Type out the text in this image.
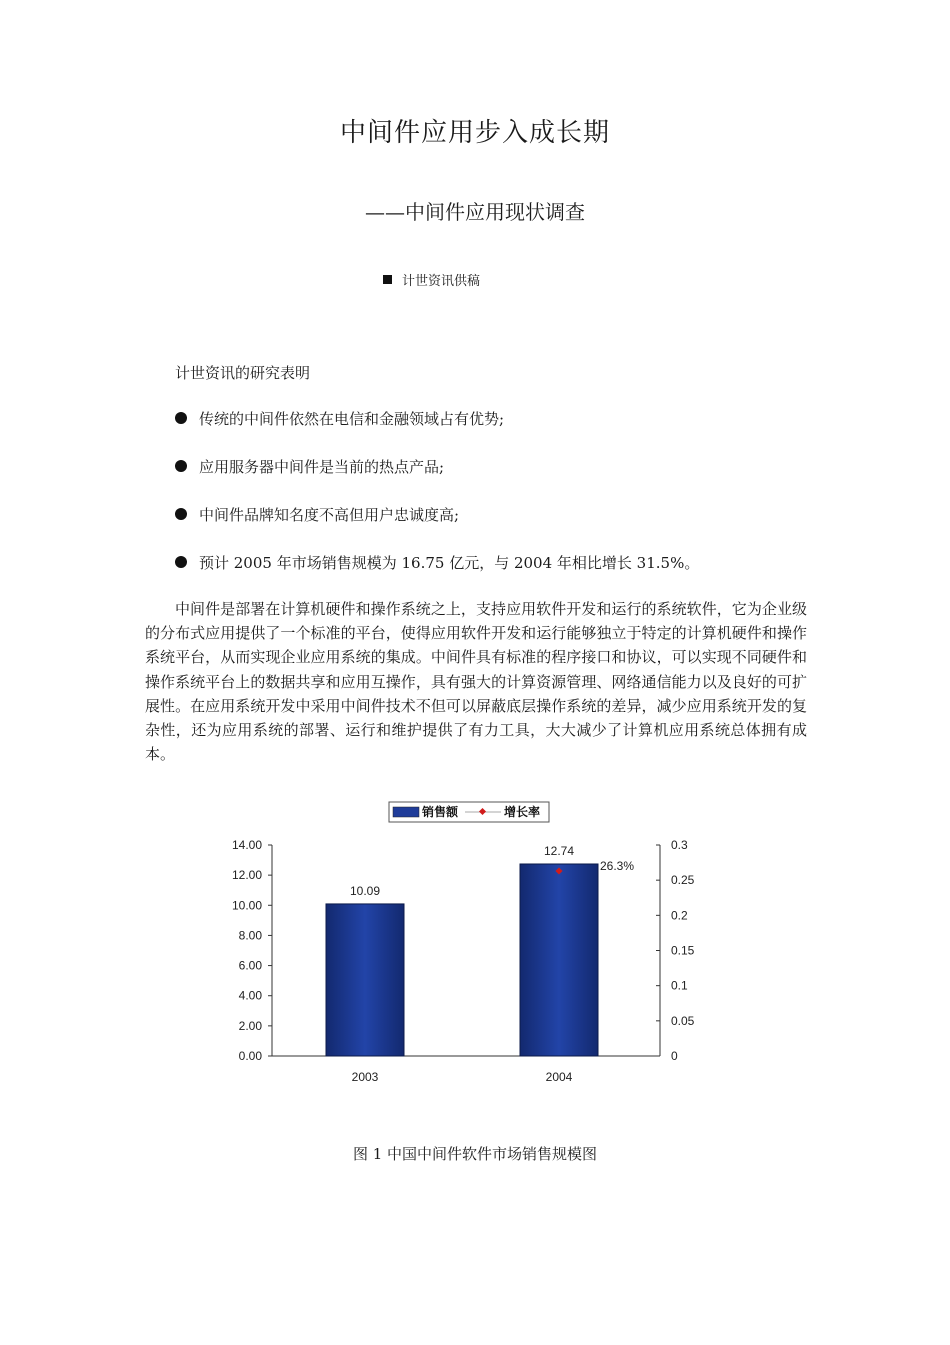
中间件应用步入成长期
——中间件应用现状调查
计世资讯供稿
计世资讯的研究表明
传统的中间件依然在电信和金融领域占有优势;
应用服务器中间件是当前的热点产品;
中间件品牌知名度不高但用户忠诚度高;
预计 2005 年市场销售规模为 16.75 亿元，与 2004 年相比增长 31.5%。

中间件是部署在计算机硬件和操作系统之上，支持应用软件开发和运行的系统软件，它为企业级的分布式应用提供了一个标准的平台，使得应用软件开发和运行能够独立于特定的计算机硬件和操作系统平台，从而实现企业应用系统的集成。中间件具有标准的程序接口和协议，可以实现不同硬件和操作系统平台上的数据共享和应用互操作，具有强大的计算资源管理、网络通信能力以及良好的可扩展性。在应用系统开发中采用中间件技术不但可以屏蔽底层操作系统的差异，减少应用系统开发的复杂性，还为应用系统的部署、运行和维护提供了有力工具，大大减少了计算机应用系统总体拥有成本。

销售额	增长率
14.00
12.00
10.00
8.00
6.00
4.00
2.00
0.00
0.3
0.25
0.2
0.15
0.1
0.05
0
10.09
2003
12.74
2004
26.3%
图 1 中国中间件软件市场销售规模图
